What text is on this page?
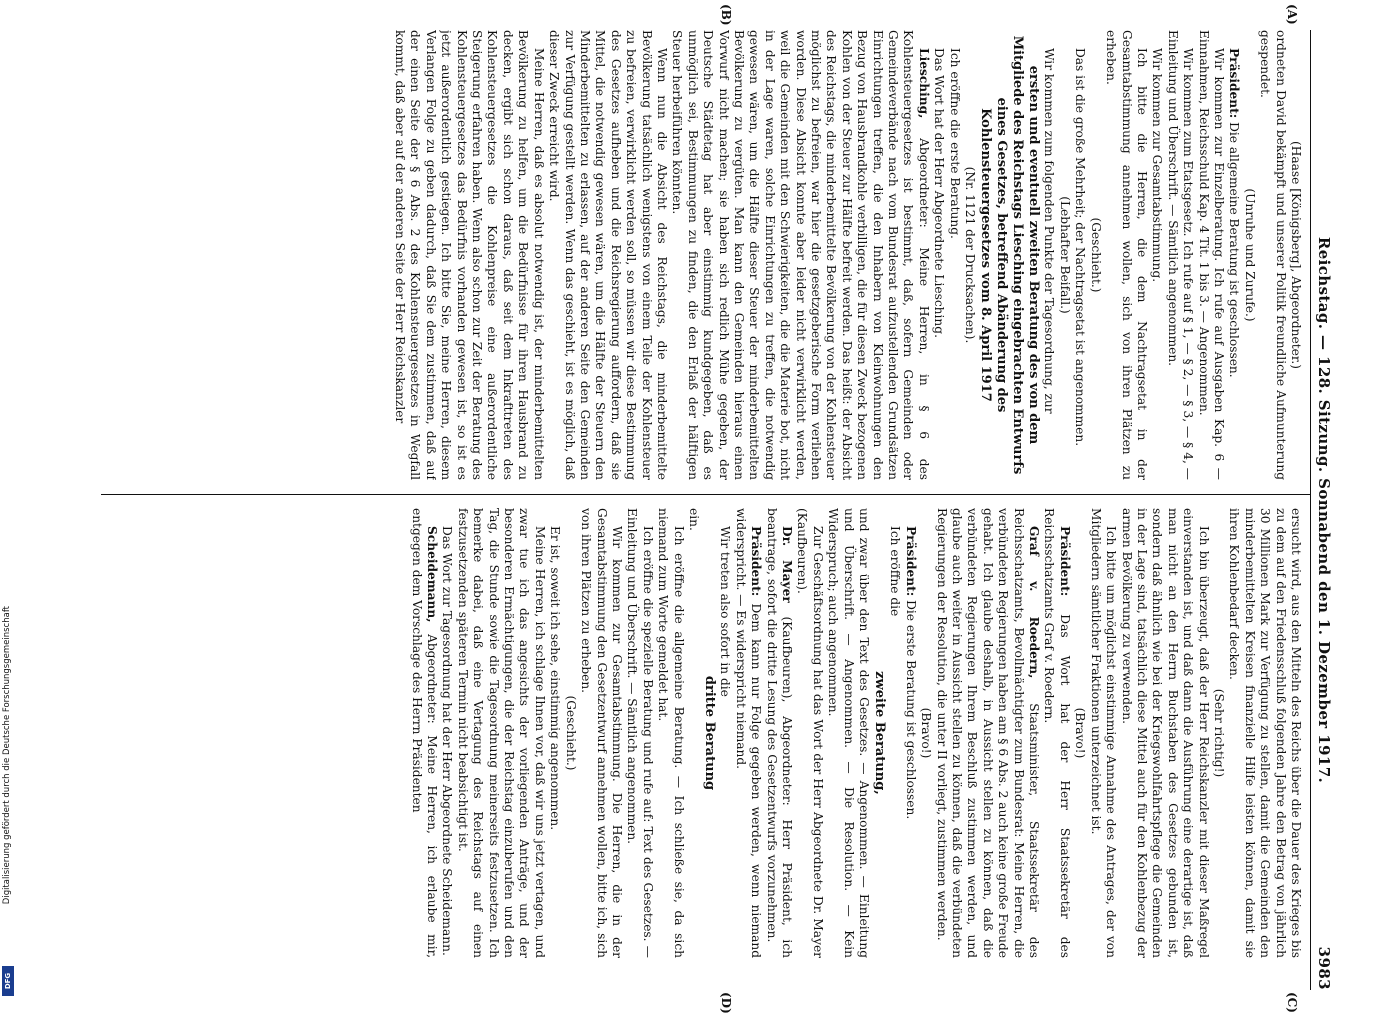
Reichstag. — 128. Sitzung. Sonnabend den 1. Dezember 1917.
3983
(A)
(B)
(C)
(D)

(Haase [Königsberg], Abgeordneter.)

ordneten David bekämpft und unserer Politik freundliche Aufmunterung gespendet.

(Unruhe und Zurufe.)

Präsident: Die allgemeine Beratung ist geschlossen.

Wir kommen zur Einzelberatung. Ich rufe auf Ausgaben Kap. 6 — Einnahmen, Reichsschuld Kap. 4 Tit. 1 bis 3. — Angenommen.

Wir kommen zum Etatsgesetz. Ich rufe auf § 1, — § 2, — § 3, — § 4, — Einleitung und Überschrift. — Sämtlich angenommen.

Wir kommen zur Gesamtabstimmung.

Ich bitte die Herren, die dem Nachtragsetat in der Gesamtabstimmung annehmen wollen, sich von ihren Plätzen zu erheben.

(Geschieht.)

Das ist die große Mehrheit; der Nachtragsetat ist angenommen.

(Lebhafter Beifall.)

Wir kommen zum folgenden Punkte der Tagesordnung, zur

ersten und eventuell zweiten Beratung des von dem Mitgliede des Reichstags Liesching eingebrachten Entwurfs eines Gesetzes, betreffend Abänderung des Kohlensteuergesetzes vom 8. April 1917

(Nr. 1121 der Drucksachen).

Ich eröffne die erste Beratung.

Das Wort hat der Herr Abgeordnete Liesching.

Liesching, Abgeordneter: Meine Herren, in § 6 des Kohlensteuergesetzes ist bestimmt, daß, sofern Gemeinden oder Gemeindeverbände nach vom Bundesrat aufzustellenden Grundsätzen Einrichtungen treffen, die den Inhabern von Kleinwohnungen den Bezug von Hausbrandkohle verbilligen, die für diesen Zweck bezogenen Kohlen von der Steuer zur Hälfte befreit werden. Das heißt: der Absicht des Reichstags, die minderbemittelte Bevölkerung von der Kohlensteuer möglichst zu befreien, war hier die gesetzgeberische Form verliehen worden. Diese Absicht konnte aber leider nicht verwirklicht werden, weil die Gemeinden mit den Schwierigkeiten, die die Materie bot, nicht in der Lage waren, solche Einrichtungen zu treffen, die notwendig gewesen wären, um die Hälfte dieser Steuer der minderbemittelten Bevölkerung zu vergüten. Man kann den Gemeinden hieraus einen Vorwurf nicht machen; sie haben sich redlich Mühe gegeben, der Deutsche Städtetag hat aber einstimmig kundgegeben, daß es unmöglich sei, Bestimmungen zu finden, die den Erlaß der hälftigen Steuer herbeiführen könnten.

Wenn nun die Absicht des Reichstags, die minderbemittelte Bevölkerung tatsächlich wenigstens von einem Teile der Kohlensteuer zu befreien, verwirklicht werden soll, so müssen wir diese Bestimmung des Gesetzes aufheben und die Reichsregierung auffordern, daß sie Mittel, die notwendig gewesen wären, um die Hälfte der Steuern den Minderbemittelten zu erlassen, auf der anderen Seite den Gemeinden zur Verfügung gestellt werden. Wenn das geschieht, ist es möglich, daß dieser Zweck erreicht wird.

Meine Herren, daß es absolut notwendig ist, der minderbemittelten Bevölkerung zu helfen, um die Bedürfnisse für ihren Hausbrand zu decken, ergibt sich schon daraus, daß seit dem Inkrafttreten des Kohlensteuergesetzes die Kohlenpreise eine außerordentliche Steigerung erfahren haben. Wenn also schon zur Zeit der Beratung des Kohlensteuergesetzes das Bedürfnis vorhanden gewesen ist, so ist es jetzt außerordentlich gestiegen. Ich bitte Sie, meine Herren, diesem Verlangen Folge zu geben dadurch, daß Sie dem zustimmen, daß auf der einen Seite der § 6 Abs. 2 des Kohlensteuergesetzes in Wegfall kommt, daß aber auf der anderen Seite der Herr Reichskanzler

ersucht wird, aus den Mitteln des Reichs über die Dauer des Krieges bis zu dem auf den Friedensschluß folgenden Jahre den Betrag von jährlich 30 Millionen Mark zur Verfügung zu stellen, damit die Gemeinden den minderbemittelten Kreisen finanzielle Hilfe leisten können, damit sie ihren Kohlenbedarf decken.

(Sehr richtig!)

Ich bin überzeugt, daß der Herr Reichskanzler mit dieser Maßregel einverstanden ist, und daß dann die Ausführung eine derartige ist, daß man nicht an den Herrn Buchstaben des Gesetzes gebunden ist, sondern daß ähnlich wie bei der Kriegswohlfahrtspflege die Gemeinden in der Lage sind, tatsächlich diese Mittel auch für den Kohlenbezug der armen Bevölkerung zu verwenden.

Ich bitte um möglichst einstimmige Annahme des Antrages, der von Mitgliedern sämtlicher Fraktionen unterzeichnet ist.

(Bravo!)

Präsident: Das Wort hat der Herr Staatssekretär des Reichsschatzamts Graf v. Roedern.

Graf v. Roedern, Staatsminister, Staatssekretär des Reichsschatzamts, Bevollmächtigter zum Bundesrat: Meine Herren, die verbündeten Regierungen haben am § 6 Abs. 2 auch keine große Freude gehabt. Ich glaube deshalb, in Aussicht stellen zu können, daß die verbündeten Regierungen Ihrem Beschluß zustimmen werden, und glaube auch weiter in Aussicht stellen zu können, daß die verbündeten Regierungen der Resolution, die unter II vorliegt, zustimmen werden.

(Bravo!)

Präsident: Die erste Beratung ist geschlossen.

Ich eröffne die

zweite Beratung,

und zwar über den Text des Gesetzes. — Angenommen. — Einleitung und Überschrift. — Angenommen. — Die Resolution. — Kein Widerspruch; auch angenommen.

Zur Geschäftsordnung hat das Wort der Herr Abgeordnete Dr. Mayer (Kaufbeuren).

Dr. Mayer (Kaufbeuren), Abgeordneter: Herr Präsident, ich beantrage, sofort die dritte Lesung des Gesetzentwurfs vorzunehmen.

Präsident: Dem kann nur Folge gegeben werden, wenn niemand widerspricht. — Es widerspricht niemand.

Wir treten also sofort in die

dritte Beratung

ein.

Ich eröffne die allgemeine Beratung. — Ich schließe sie, da sich niemand zum Worte gemeldet hat.

Ich eröffne die spezielle Beratung und rufe auf: Text des Gesetzes. — Einleitung und Überschrift. — Sämtlich angenommen.

Wir kommen zur Gesamtabstimmung. Die Herren, die in der Gesamtabstimmung den Gesetzentwurf annehmen wollen, bitte ich, sich von ihren Plätzen zu erheben.

(Geschieht.)

Er ist, soweit ich sehe, einstimmig angenommen.

Meine Herren, ich schlage Ihnen vor, daß wir uns jetzt vertagen, und zwar tue ich das angesichts der vorliegenden Anträge, und der besonderen Ermächtigungen, die der Reichstag einzuberufen und den Tag, die Stunde sowie die Tagesordnung meinerseits festzusetzen. Ich bemerke dabei, daß eine Vertagung des Reichstags auf einen festzusetzenden späteren Termin nicht beabsichtigt ist.

Das Wort zur Tagesordnung hat der Herr Abgeordnete Scheidemann.

Scheidemann, Abgeordneter: Meine Herren, ich erlaube mir, entgegen dem Vorschlage des Herrn Präsidenten

Digitalisierung gefördert durch die Deutsche Forschungsgemeinschaft
DFG
